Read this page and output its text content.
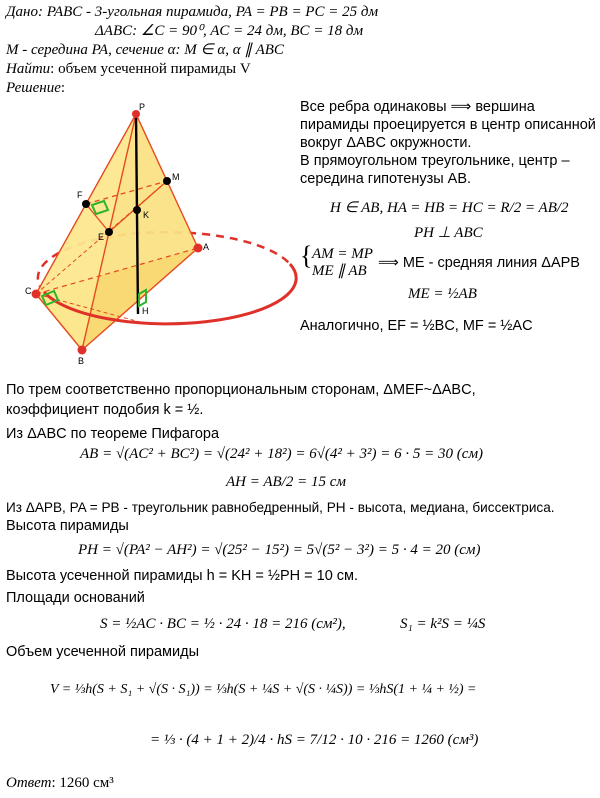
Дано: PABC - 3-угольная пирамида, PA = PB = PC = 25 дм
ΔABC: ∠C = 90⁰, AC = 24 дм, BC = 18 дм
M - середина PA, сечение α: M ∈ α, α ∥ ABC
Найти: объем усеченной пирамиды V
Решение:
P
M
F
K
E
A
C
H
B
Все ребра одинаковы ⟹ вершина
пирамиды проецируется в центр описанной
вокруг ΔABC окружности.
В прямоугольном треугольнике, центр –
середина гипотенузы AB.
H ∈ AB, HA = HB = HC = R/2 = AB/2
PH ⊥ ABC
{ AM = MP
ME ∥ AB ⟹ ME - средняя линия ΔAPB
ME = ½AB
Аналогично, EF = ½BC, MF = ½AC
По трем соответственно пропорциональным сторонам, ΔMEF~ΔABC,
коэффициент подобия k = ½.
Из ΔABC по теореме Пифагора
AB = √(AC² + BC²) = √(24² + 18²) = 6√(4² + 3²) = 6 · 5 = 30 (см)
AH = AB/2 = 15 см
Из ΔAPB, PA = PB - треугольник равнобедренный, PH - высота, медиана, биссектриса.
Высота пирамиды
PH = √(PA² − AH²) = √(25² − 15²) = 5√(5² − 3²) = 5 · 4 = 20 (см)
Высота усеченной пирамиды h = KH = ½PH = 10 см.
Площади оснований
S = ½AC · BC = ½ · 24 · 18 = 216 (см²),	S₁ = k²S = ¼S
Объем усеченной пирамиды
V = ⅓h(S + S₁ + √(S · S₁)) = ⅓h(S + ¼S + √(S · ¼S)) = ⅓hS(1 + ¼ + ½) =
= ⅓ · (4 + 1 + 2)/4 · hS = 7/12 · 10 · 216 = 1260 (см³)
Ответ: 1260 см³
